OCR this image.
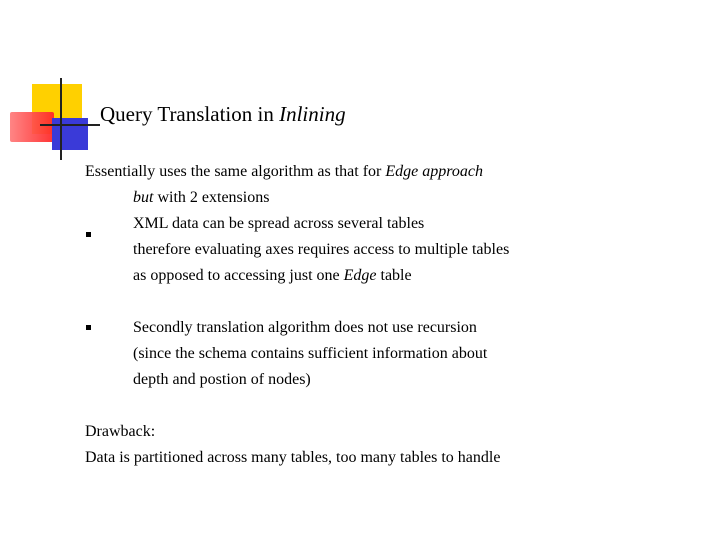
Query Translation in Inlining
Essentially uses the same algorithm as that for Edge approach
but with 2 extensions
XML data can be spread across several tables
therefore evaluating axes requires access to multiple tables
as opposed to accessing just one Edge table
Secondly translation algorithm does not use recursion
(since the schema contains sufficient information about
depth and postion of nodes)
Drawback:
Data is partitioned across many tables, too many tables to handle
